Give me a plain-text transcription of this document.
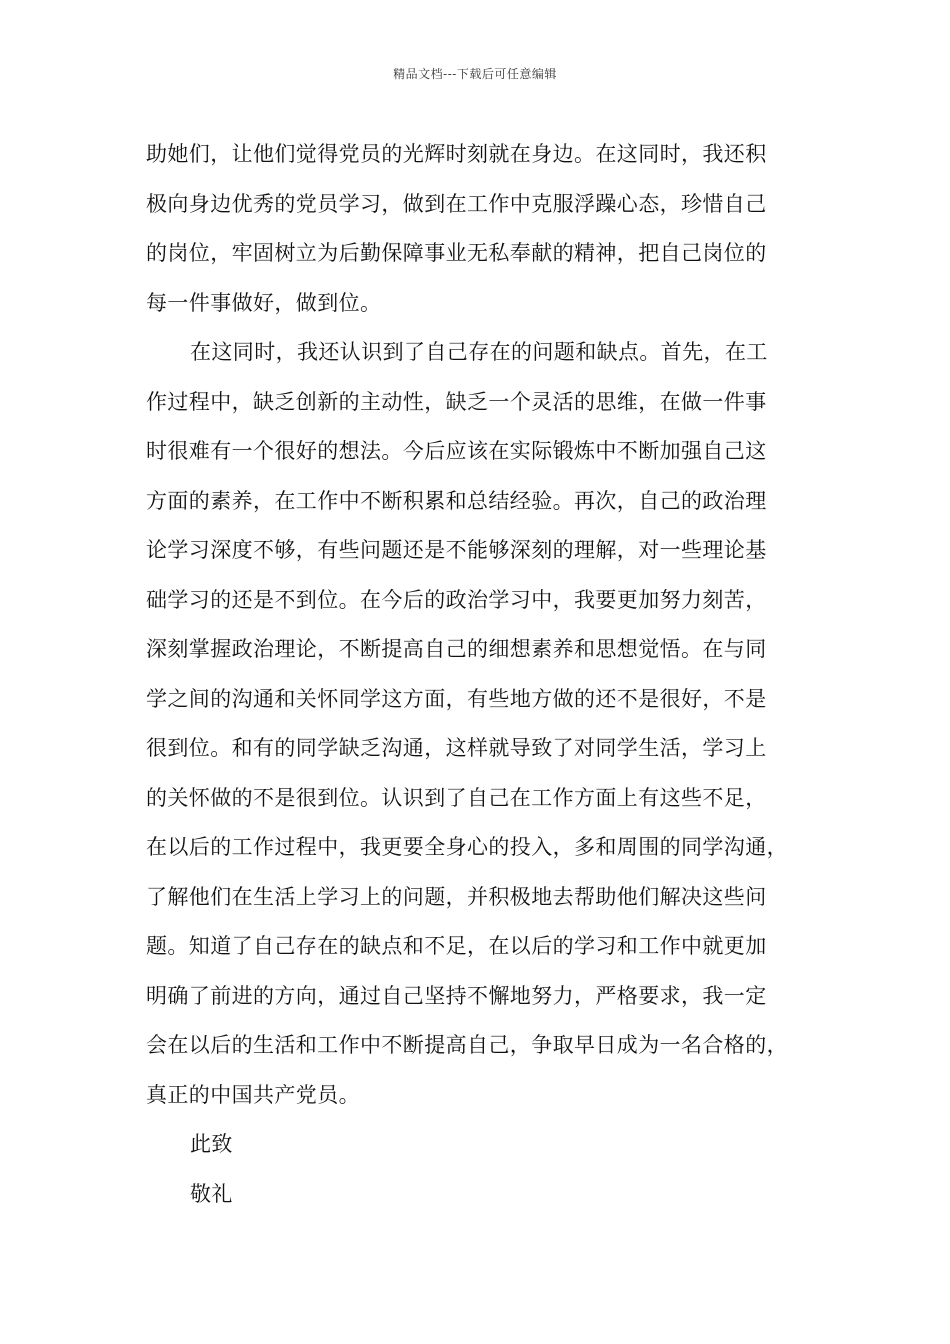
精品文档---下载后可任意编辑

助她们，让他们觉得党员的光辉时刻就在身边。在这同时，我还积
极向身边优秀的党员学习，做到在工作中克服浮躁心态，珍惜自己
的岗位，牢固树立为后勤保障事业无私奉献的精神，把自己岗位的
每一件事做好，做到位。

在这同时，我还认识到了自己存在的问题和缺点。首先，在工
作过程中，缺乏创新的主动性，缺乏一个灵活的思维，在做一件事
时很难有一个很好的想法。今后应该在实际锻炼中不断加强自己这
方面的素养，在工作中不断积累和总结经验。再次，自己的政治理
论学习深度不够，有些问题还是不能够深刻的理解，对一些理论基
础学习的还是不到位。在今后的政治学习中，我要更加努力刻苦，
深刻掌握政治理论，不断提高自己的细想素养和思想觉悟。在与同
学之间的沟通和关怀同学这方面，有些地方做的还不是很好，不是
很到位。和有的同学缺乏沟通，这样就导致了对同学生活，学习上
的关怀做的不是很到位。认识到了自己在工作方面上有这些不足，
在以后的工作过程中，我更要全身心的投入，多和周围的同学沟通，
了解他们在生活上学习上的问题，并积极地去帮助他们解决这些问
题。知道了自己存在的缺点和不足，在以后的学习和工作中就更加
明确了前进的方向，通过自己坚持不懈地努力，严格要求，我一定
会在以后的生活和工作中不断提高自己，争取早日成为一名合格的，
真正的中国共产党员。

此致
敬礼
